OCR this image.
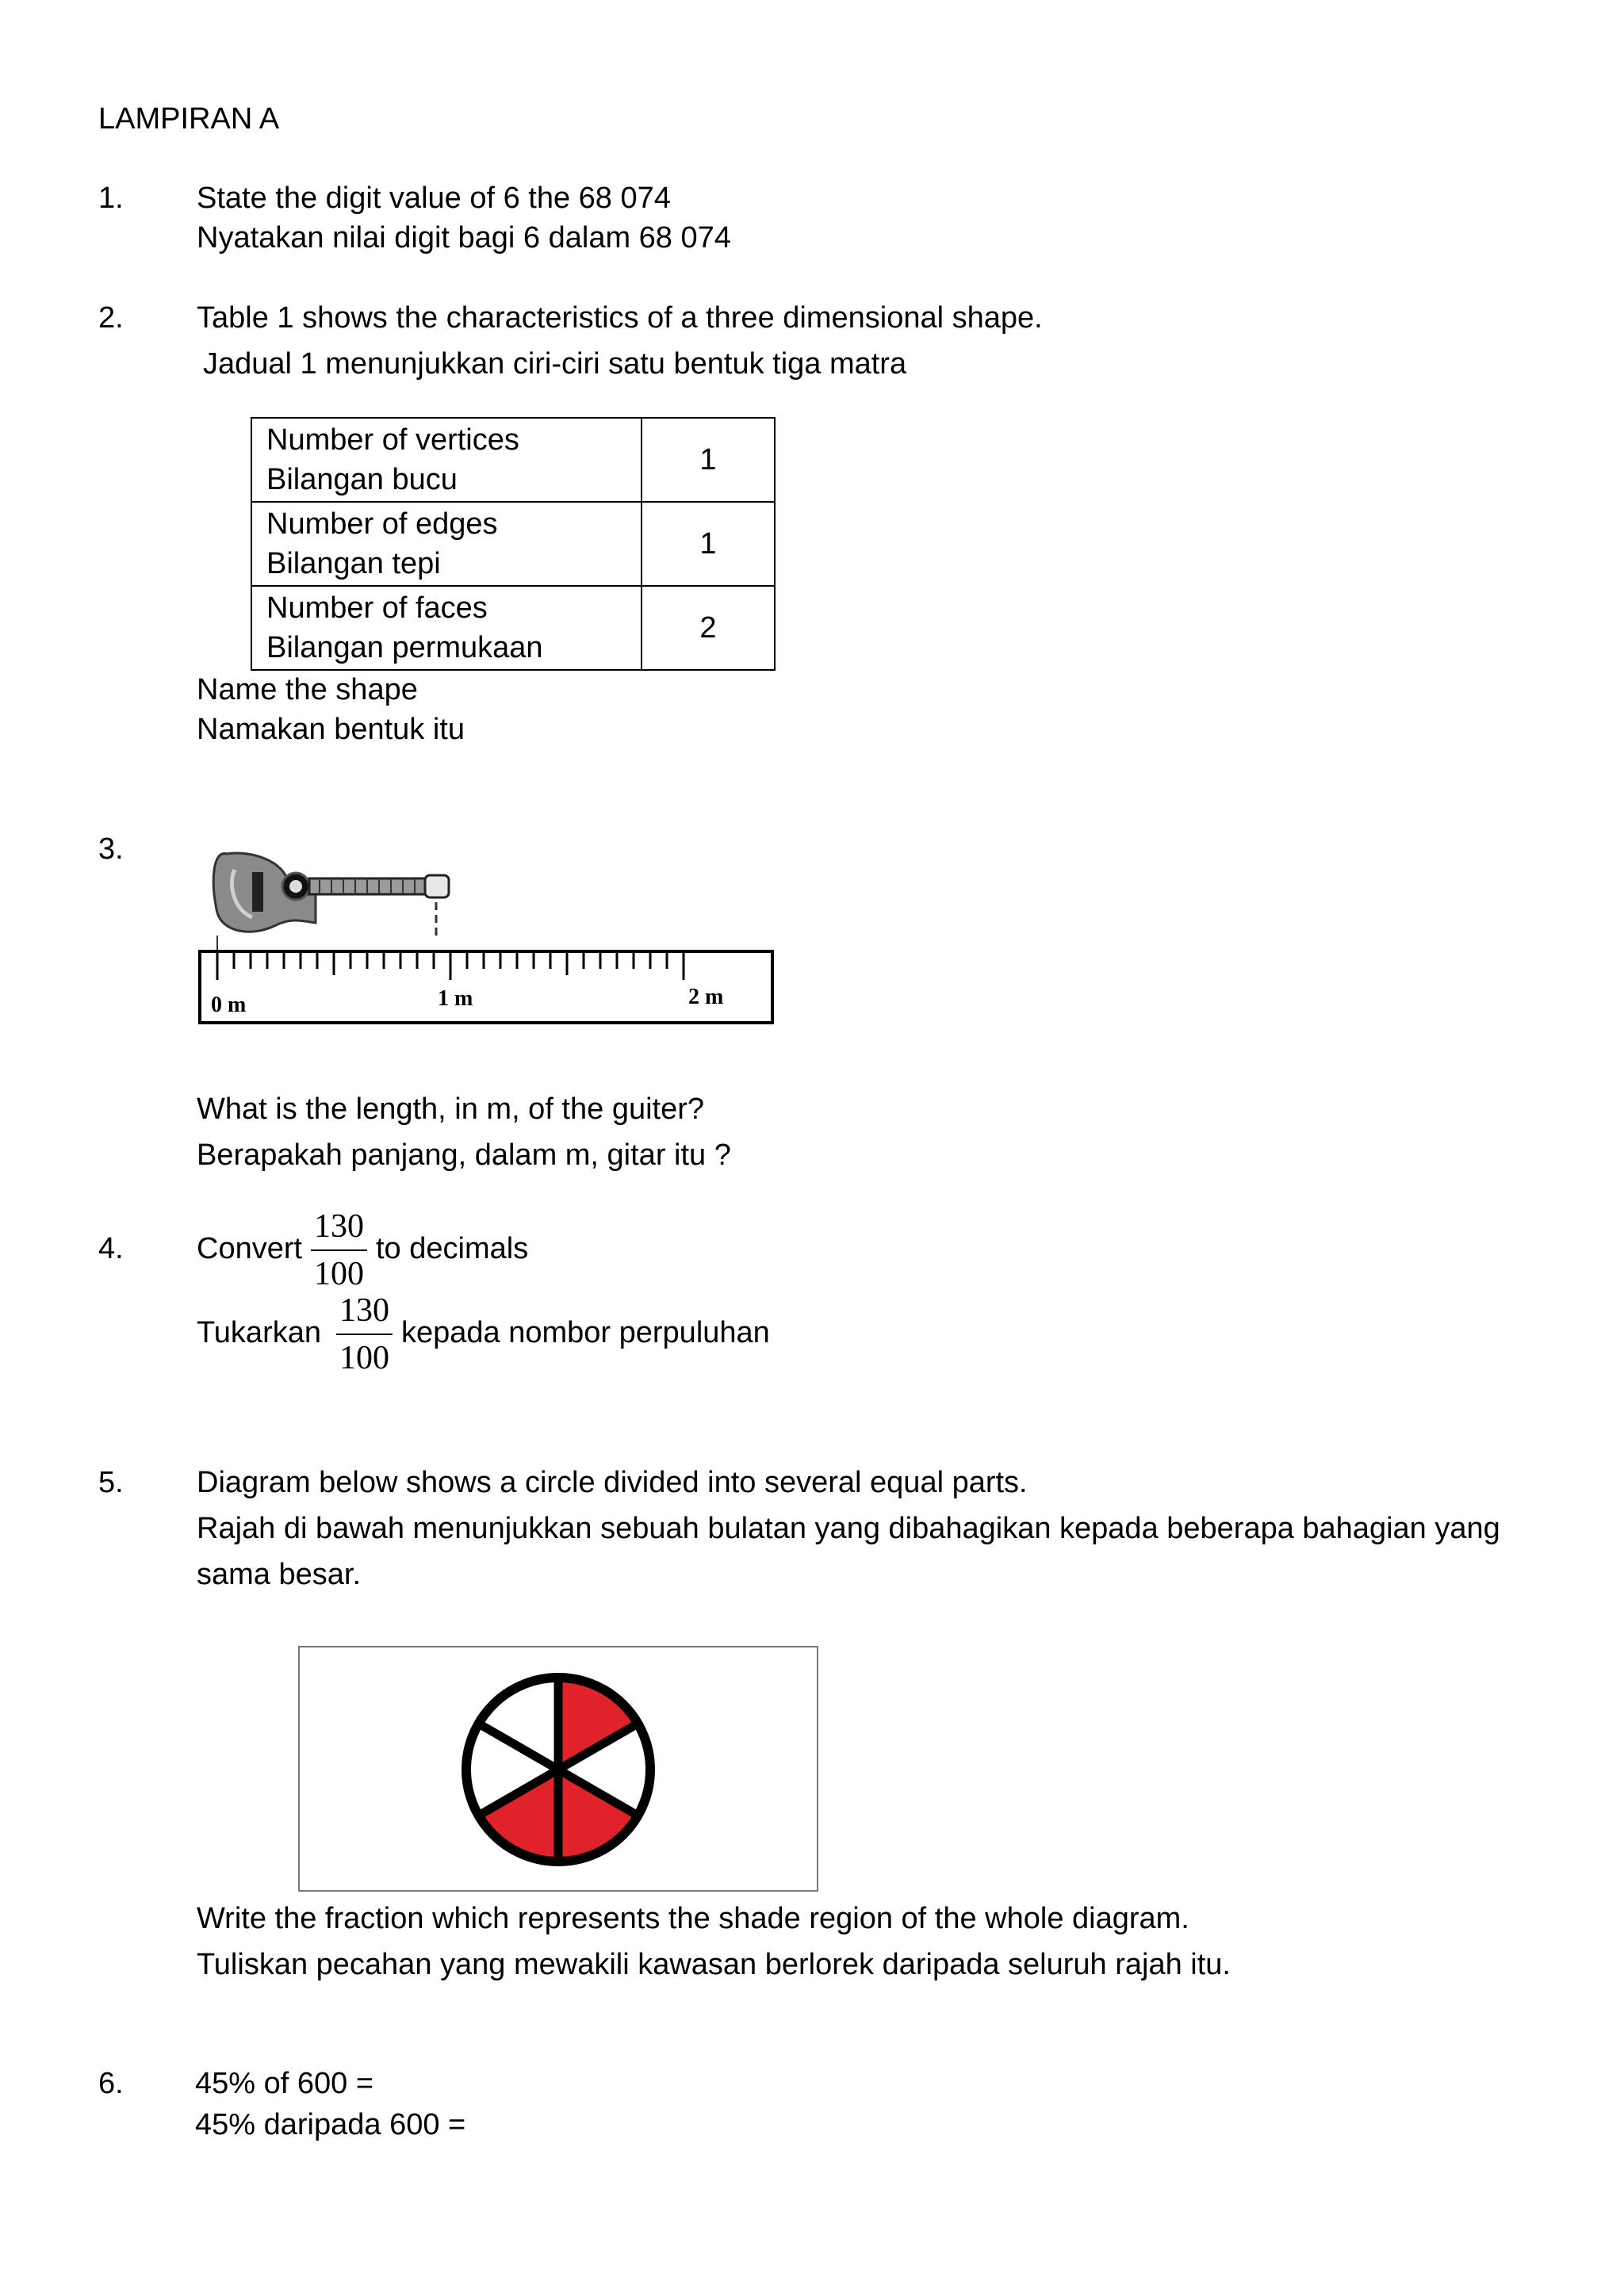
LAMPIRAN A
1. State the digit value of 6 the 68 074
Nyatakan nilai digit bagi 6 dalam 68 074
2. Table 1 shows the characteristics of a three dimensional shape.
Jadual 1 menunjukkan ciri-ciri satu bentuk tiga matra
Number of vertices
Bilangan bucu	1

Number of edges
Bilangan tepi	1

Number of faces
Bilangan permukaan	2
Name the shape
Namakan bentuk itu
3.
0 m	1 m	2 m
What is the length, in m, of the guiter?
Berapakah panjang, dalam m, gitar itu ?
4. Convert $\frac{130}{100}$ to decimals
Tukarkan $\frac{130}{100}$ kepada nombor perpuluhan
5. Diagram below shows a circle divided into several equal parts.
Rajah di bawah menunjukkan sebuah bulatan yang dibahagikan kepada beberapa bahagian yang
sama besar.
Write the fraction which represents the shade region of the whole diagram.
Tuliskan pecahan yang mewakili kawasan berlorek daripada seluruh rajah itu.
6. 45% of 600 =
45% daripada 600 =
